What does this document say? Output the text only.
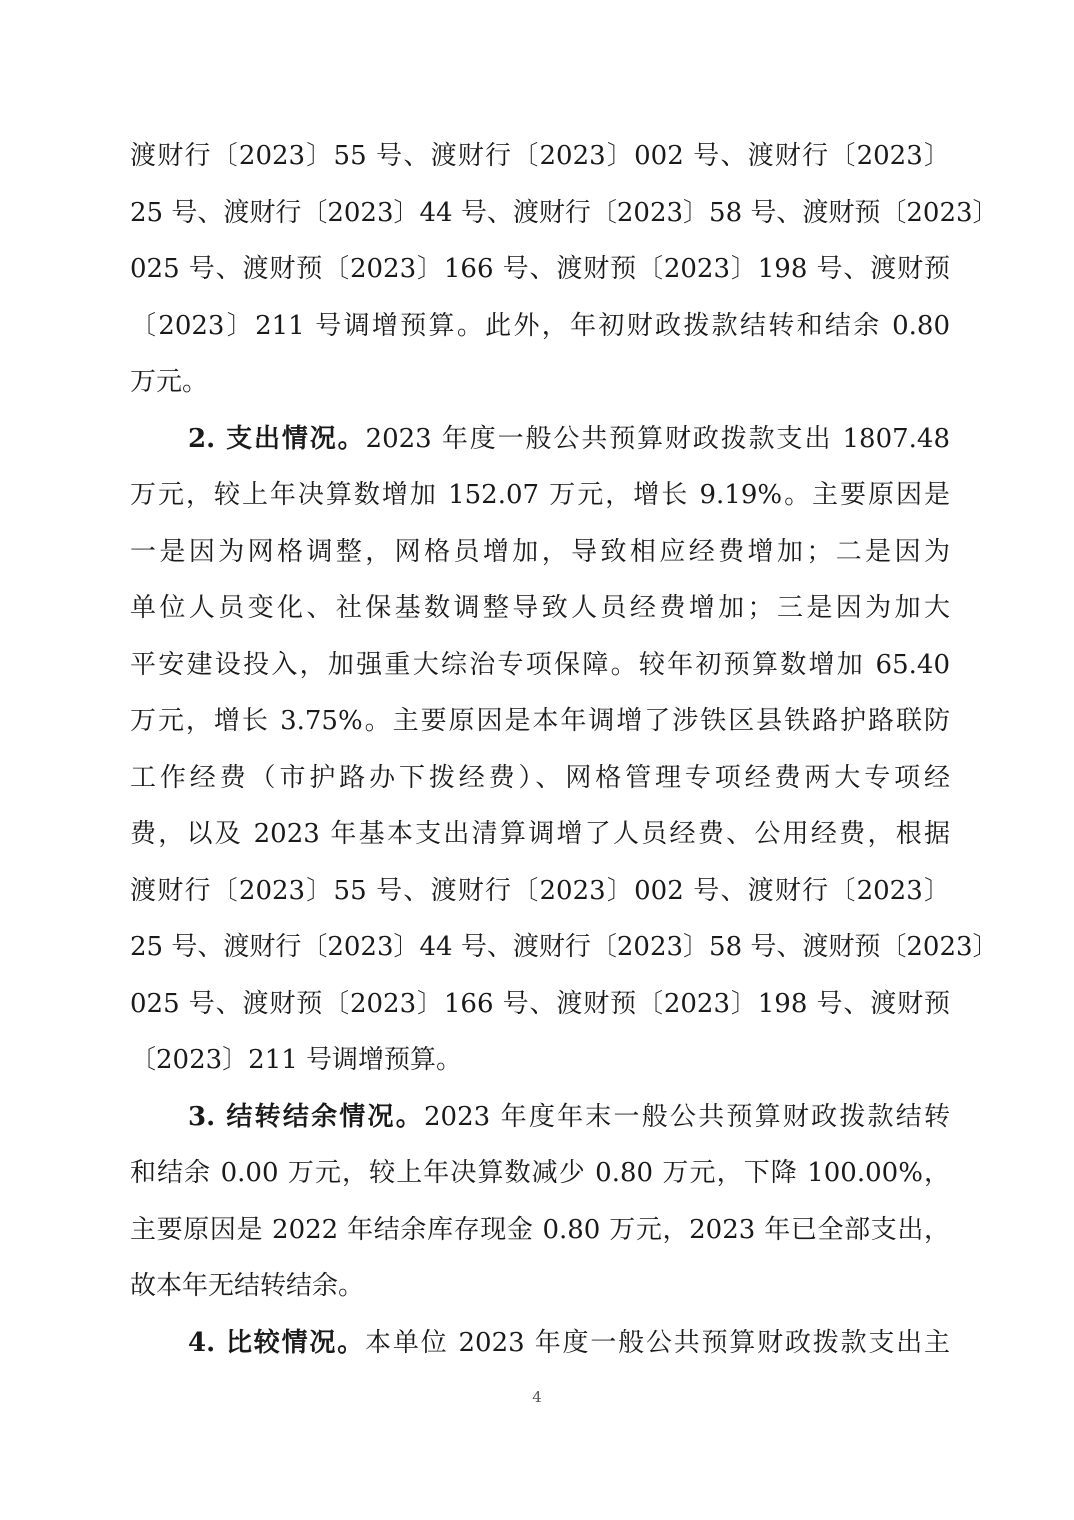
渡财行〔2023〕55 号、渡财行〔2023〕002 号、渡财行〔2023〕
25 号、渡财行〔2023〕44 号、渡财行〔2023〕58 号、渡财预〔2023〕
025 号、渡财预〔2023〕166 号、渡财预〔2023〕198 号、渡财预
〔2023〕211 号调增预算。此外，年初财政拨款结转和结余 0.80
万元。
2. 支出情况。2023 年度一般公共预算财政拨款支出 1807.48
万元，较上年决算数增加 152.07 万元，增长 9.19%。主要原因是
一是因为网格调整，网格员增加，导致相应经费增加；二是因为
单位人员变化、社保基数调整导致人员经费增加；三是因为加大
平安建设投入，加强重大综治专项保障。较年初预算数增加 65.40
万元，增长 3.75%。主要原因是本年调增了涉铁区县铁路护路联防
工作经费（市护路办下拨经费）、网格管理专项经费两大专项经
费，以及 2023 年基本支出清算调增了人员经费、公用经费，根据
渡财行〔2023〕55 号、渡财行〔2023〕002 号、渡财行〔2023〕
25 号、渡财行〔2023〕44 号、渡财行〔2023〕58 号、渡财预〔2023〕
025 号、渡财预〔2023〕166 号、渡财预〔2023〕198 号、渡财预
〔2023〕211 号调增预算。
3. 结转结余情况。2023 年度年末一般公共预算财政拨款结转
和结余 0.00 万元，较上年决算数减少 0.80 万元，下降 100.00%，
主要原因是 2022 年结余库存现金 0.80 万元，2023 年已全部支出，
故本年无结转结余。
4. 比较情况。本单位 2023 年度一般公共预算财政拨款支出主
4
